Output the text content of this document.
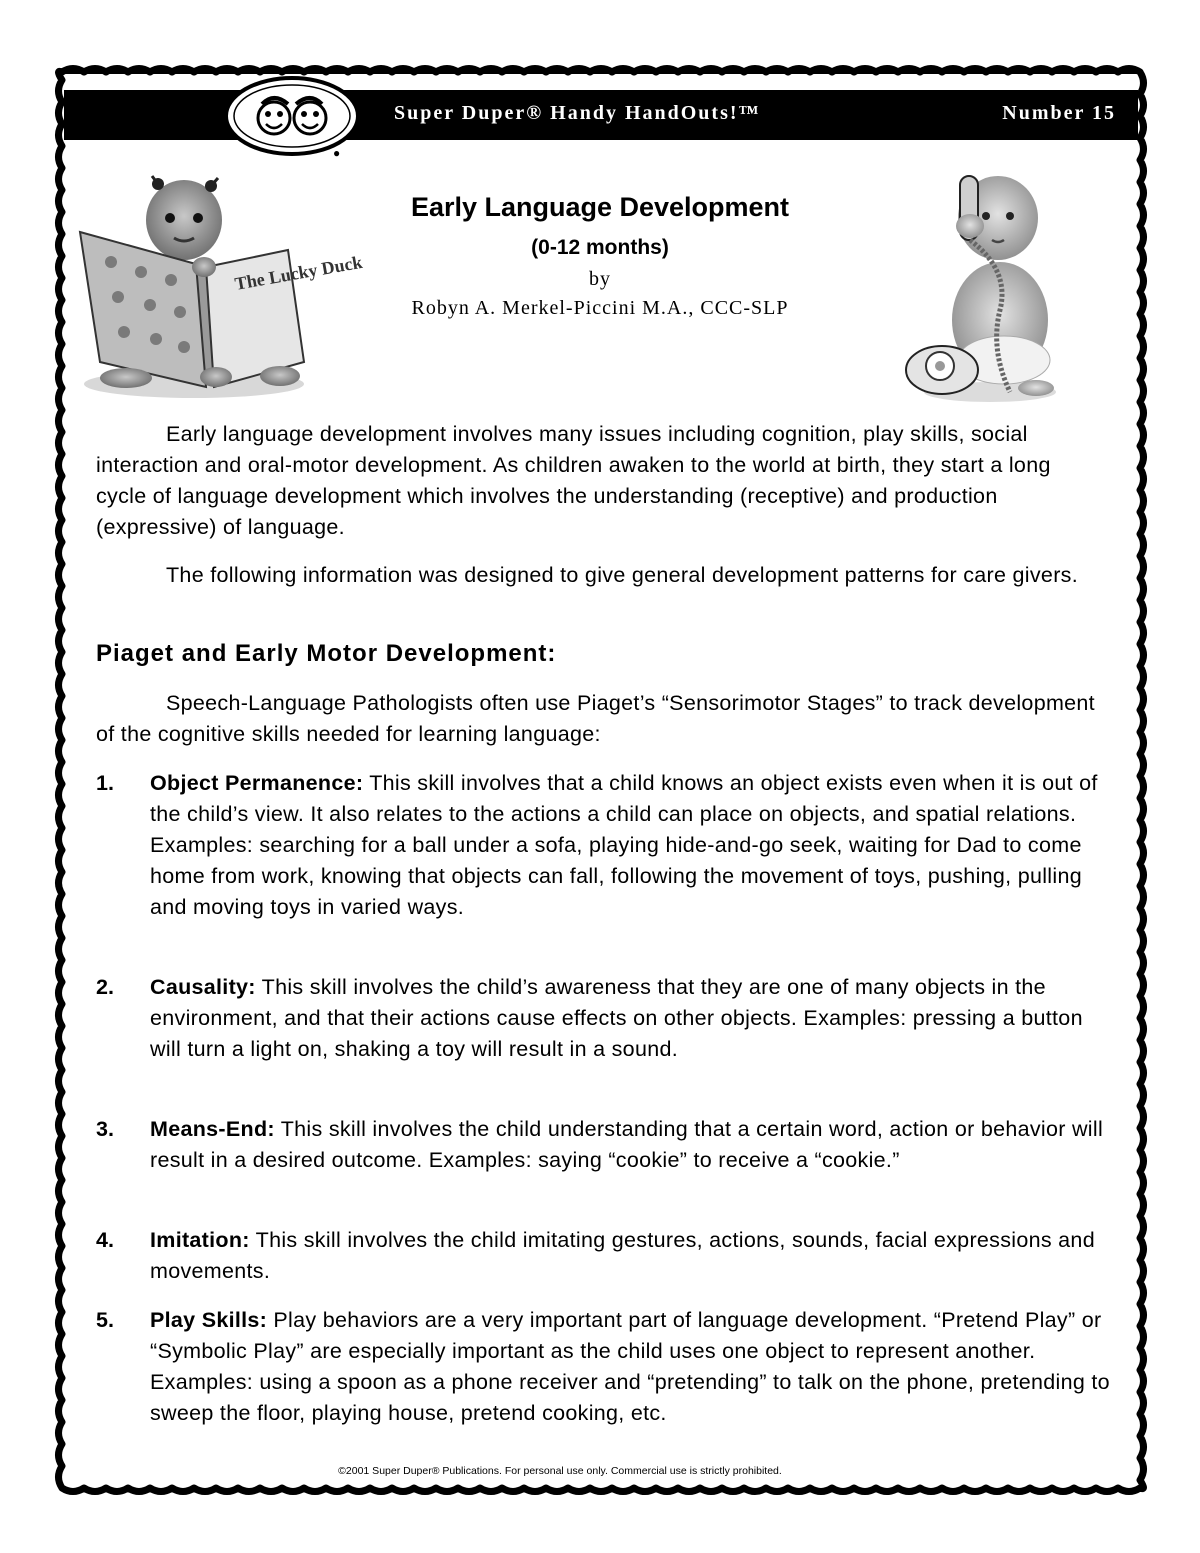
Super Duper® Handy HandOuts!™	Number 15
●
The Lucky Duck
Early Language Development
(0-12 months)
by
Robyn A. Merkel-Piccini M.A., CCC-SLP

Early language development involves many issues including cognition, play skills, social interaction and oral-motor development. As children awaken to the world at birth, they start a long cycle of language development which involves the understanding (receptive) and production (expressive) of language.

The following information was designed to give general development patterns for care givers.

Piaget and Early Motor Development:

Speech-Language Pathologists often use Piaget’s “Sensorimotor Stages” to track development of the cognitive skills needed for learning language:

1. Object Permanence: This skill involves that a child knows an object exists even when it is out of the child’s view. It also relates to the actions a child can place on objects, and spatial relations. Examples: searching for a ball under a sofa, playing hide-and-go seek, waiting for Dad to come home from work, knowing that objects can fall, following the movement of toys, pushing, pulling and moving toys in varied ways.
2. Causality: This skill involves the child’s awareness that they are one of many objects in the environment, and that their actions cause effects on other objects. Examples: pressing a button will turn a light on, shaking a toy will result in a sound.
3. Means-End: This skill involves the child understanding that a certain word, action or behavior will result in a desired outcome. Examples: saying “cookie” to receive a “cookie.”
4. Imitation: This skill involves the child imitating gestures, actions, sounds, facial expressions and movements.
5. Play Skills: Play behaviors are a very important part of language development. “Pretend Play” or “Symbolic Play” are especially important as the child uses one object to represent another. Examples: using a spoon as a phone receiver and “pretending” to talk on the phone, pretending to sweep the floor, playing house, pretend cooking, etc.
©2001 Super Duper® Publications. For personal use only. Commercial use is strictly prohibited.
